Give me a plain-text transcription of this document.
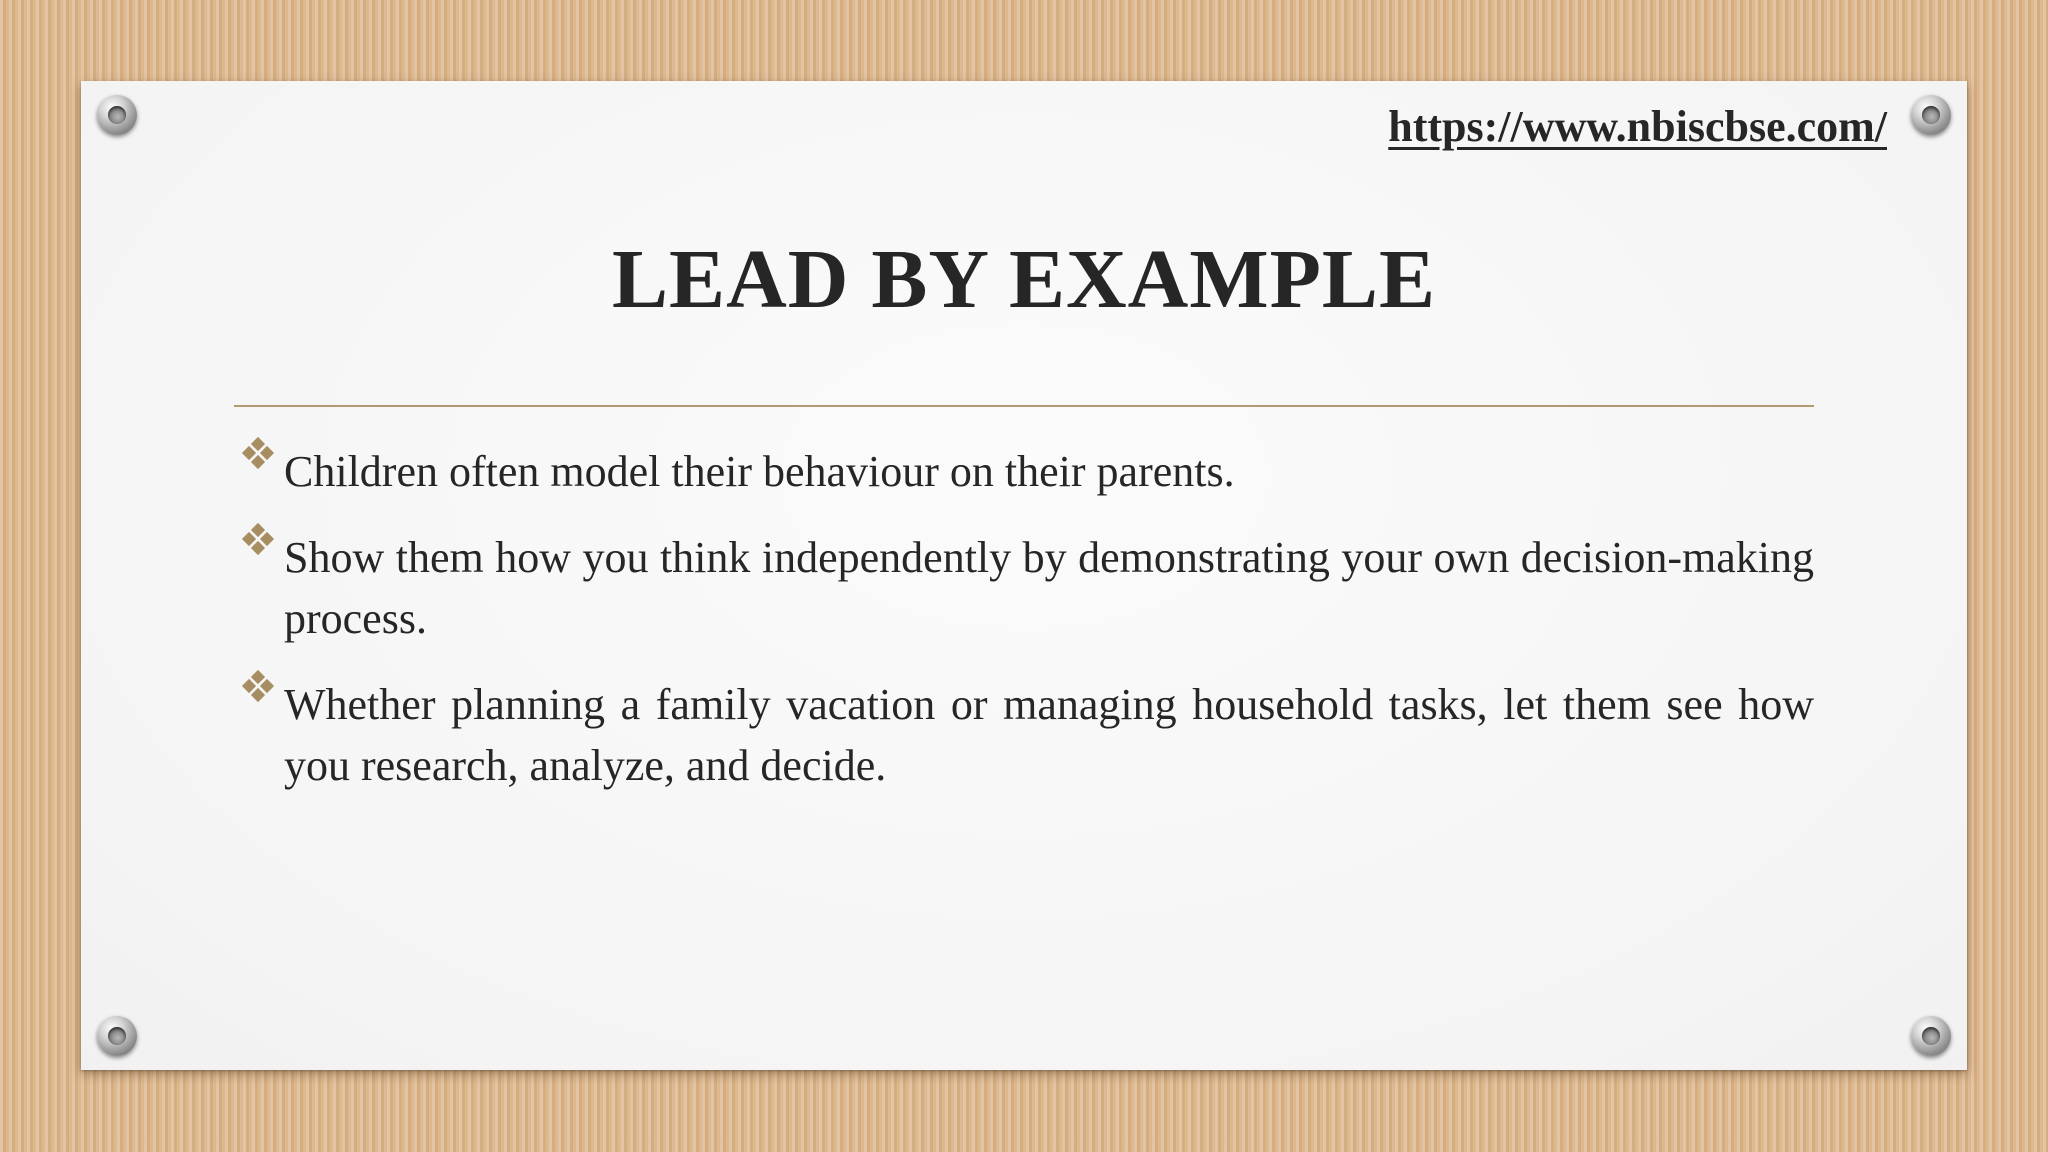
https://www.nbiscbse.com/
LEAD BY EXAMPLE
Children often model their behaviour on their parents.
Show them how you think independently by demonstrating your own decision-making process.
Whether planning a family vacation or managing household tasks, let them see how you research, analyze, and decide.
